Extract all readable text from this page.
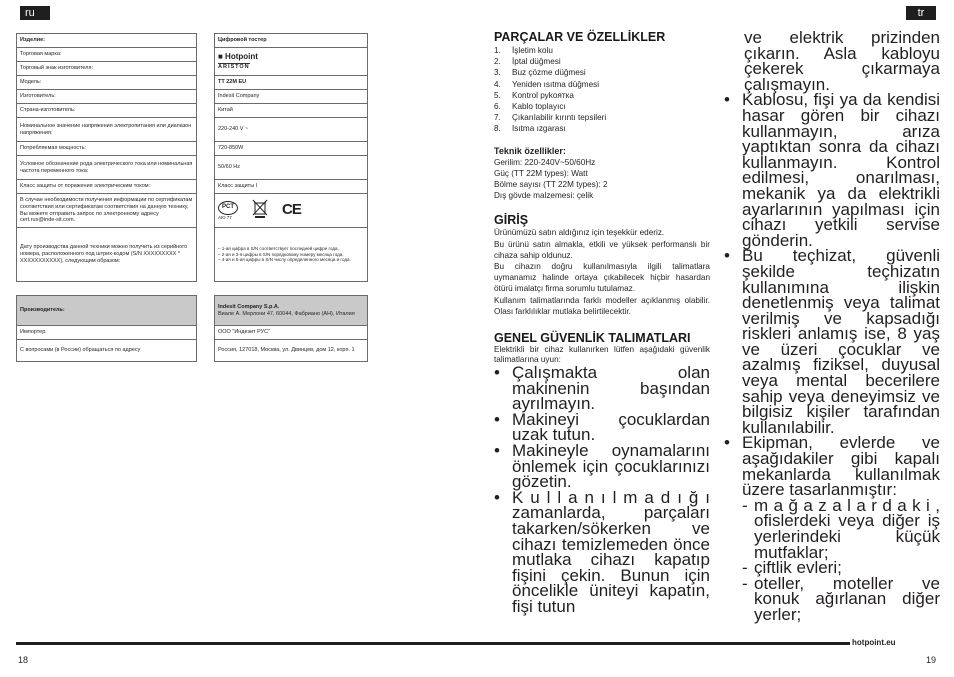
ru	tr
Изделие:		Цифровой тостер
Торговая марка:		■ Hotpoint
ARISTON
Торговый знак изготовителя:		
Модель:		TT 22M EU
Изготовитель:		Indesit Company
Страна-изготовитель:		Китай
Номинальное значение напряжения электропитания или диапазон напряжения:		220-240 V ~
Потребляемая мощность:		720-850W
Условное обозначение рода электрического тока или номинальная частота переменного тока:		50/60 Hz
Класс защиты от поражения электрическим током:		Класс защиты I
В случае необходимости получения информации по сертификатам соответствия или сертификатам соответствия на данную технику, Вы можете отправить запрос по электронному адресу cert.rus@inde-sit.com.		PCT
АЮ 77 CE

Дату производства данной техники можно получить из серийного номера, расположенного под штрих-кодом (S/N XXXXXXXXX * XXXXXXXXXXX), следующим образом:		– 1-ая цифра в S/N соответствует последней цифре года,
– 2-ая и 3-я цифры в S/N порядковому номеру месяца года,
– 4-ая и 5-ая цифры в S/N числу определенного месяца и года.

Производитель:		Indesit Company S.p.A.
Виале А. Мерлони 47, 60044, Фабриано (АН), Италия
Импортер:		ООО "Индезит РУС"
С вопросами (в России) обращаться по адресу		Россия, 127018, Москва, ул. Двинцев, дом 12, корп. 1
PARÇALAR VE ÖZELLİKLER
1.	İşletim kolu
2.	İptal düğmesi
3.	Buz çözme düğmesi
4.	Yeniden ısıtma düğmesi
5.	Kontrol руkoятка
6.	Kablo toplayıcı
7.	Çıkarılabilir kırıntı tepsileri
8.	Isıtma ızgarası
Teknik özellikler:

Gerilim: 220-240V~50/60Hz

Güç (TT 22M types): Watt

Bölme sayısı (TT 22M types): 2

Dış gövde malzemesi: çelik

GİRİŞ
Ürünümüzü satın aldığınız için teşekkür ederiz.
Bu ürünü satın almakla, etkili ve yüksek performanslı bir cihaza sahip oldunuz.
Bu cihazın doğru kullanılmasıyla ilgili talimatlara uymanamız halinde ortaya çıkabilecek hiçbir hasardan ötürü imalatçı firma sorumlu tutulamaz.
Kullanım talimatlarında farklı modeller açıklanmış olabilir. Olası farklılıklar mutlaka belirtilecektir.
GENEL GÜVENLİK TALIMATLARI
Elektrikli bir cihaz kullanırken lütfen aşağıdaki güvenlik talimatlarına uyun:
• Çalışmakta olan makinenin başından ayrılmayın.
• Makineyi çocuklardan uzak tutun.
• Makineyle oynamalarını önlemek için çocuklarınızı gözetin.
• K u l l a n ı l m a d ı ğ ı zamanlarda, parçaları takarken/sökerken ve cihazı temizlemeden önce mutlaka cihazı kapatıp fişini çekin. Bunun için öncelikle üniteyi kapatın, fişi tutun
ve elektrik prizinden çıkarın. Asla kabloyu çekerek çıkarmaya çalışmayın.
• Kablosu, fişi ya da kendisi hasar gören bir cihazı kullanmayın, arıza yaptıktan sonra da cihazı kullanmayın. Kontrol edilmesi, onarılması, mekanik ya da elektrikli ayarlarının yapılması için cihazı yetkili servise gönderin.
• Bu teçhizat, güvenli şekilde teçhizatın kullanımına ilişkin denetlenmiş veya talimat verilmiş ve kapsadığı riskleri anlamış ise, 8 yaş ve üzeri çocuklar ve azalmış fiziksel, duyusal veya mental becerilere sahip veya deneyimsiz ve bilgisiz kişiler tarafından kullanılabilir.
• Ekipman, evlerde ve aşağıdakiler gibi kapalı mekanlarda kullanılmak üzere tasarlanmıştır:
- m a ğ a z a l a r d a k i , ofislerdeki veya diğer iş yerlerindeki küçük mutfaklar;
- çiftlik evleri;
- oteller, moteller ve konuk ağırlanan diğer yerler;
hotpoint.eu
18	19
